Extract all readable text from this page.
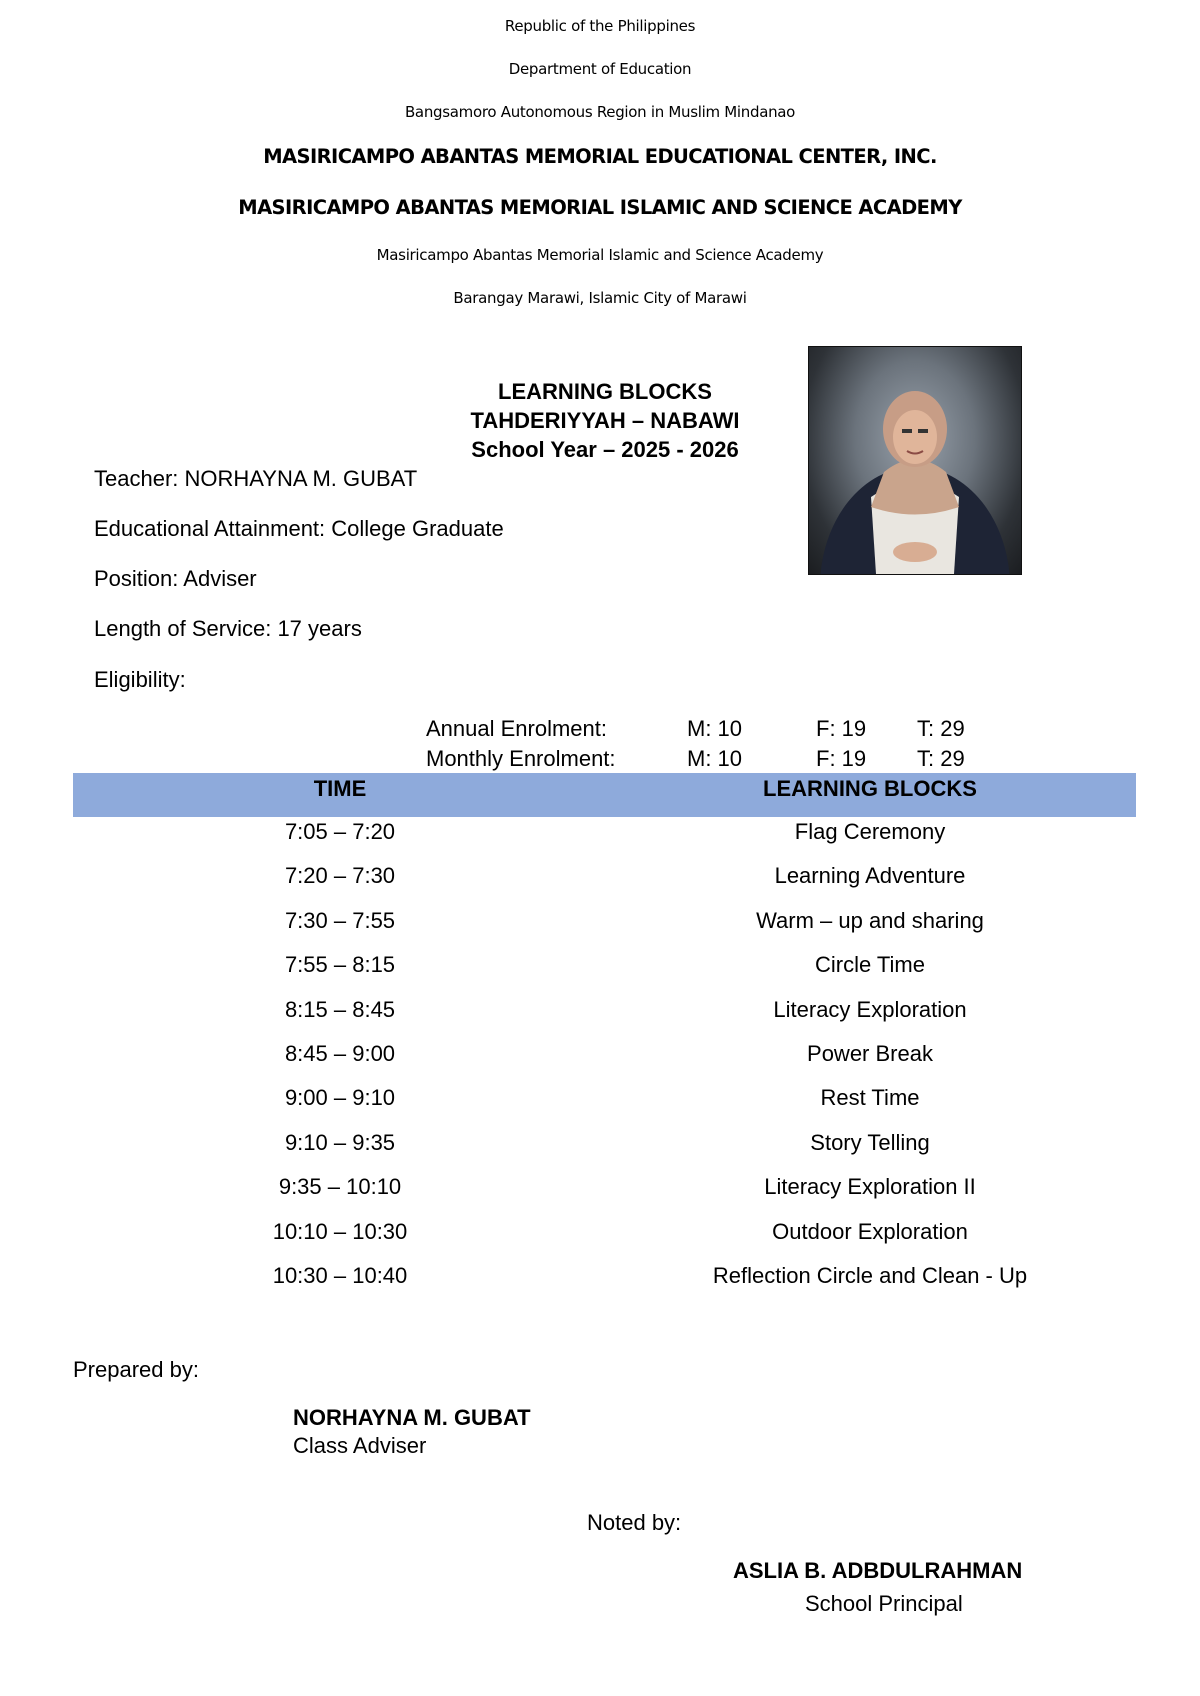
Republic of the Philippines
Department of Education
Bangsamoro Autonomous Region in Muslim Mindanao
MASIRICAMPO ABANTAS MEMORIAL EDUCATIONAL CENTER, INC.
MASIRICAMPO ABANTAS MEMORIAL ISLAMIC AND SCIENCE ACADEMY
Masiricampo Abantas Memorial Islamic and Science Academy
Barangay Marawi, Islamic City of Marawi
LEARNING BLOCKS
TAHDERIYYAH – NABAWI
School Year – 2025 - 2026
Teacher: NORHAYNA M. GUBAT
Educational Attainment: College Graduate
Position: Adviser
Length of Service: 17 years
Eligibility:
Annual Enrolment:	M: 10	F: 19 T: 29
Monthly Enrolment:	M: 10	F: 19 T: 29
TIME	LEARNING BLOCKS
7:05 – 7:20	Flag Ceremony
7:20 – 7:30	Learning Adventure
7:30 – 7:55	Warm – up and sharing
7:55 – 8:15	Circle Time
8:15 – 8:45	Literacy Exploration
8:45 – 9:00	Power Break
9:00 – 9:10	Rest Time
9:10 – 9:35	Story Telling
9:35 – 10:10	Literacy Exploration II
10:10 – 10:30	Outdoor Exploration
10:30 – 10:40	Reflection Circle and Clean - Up
Prepared by:
NORHAYNA M. GUBAT
Class Adviser
Noted by:
ASLIA B. ADBDULRAHMAN
School Principal
